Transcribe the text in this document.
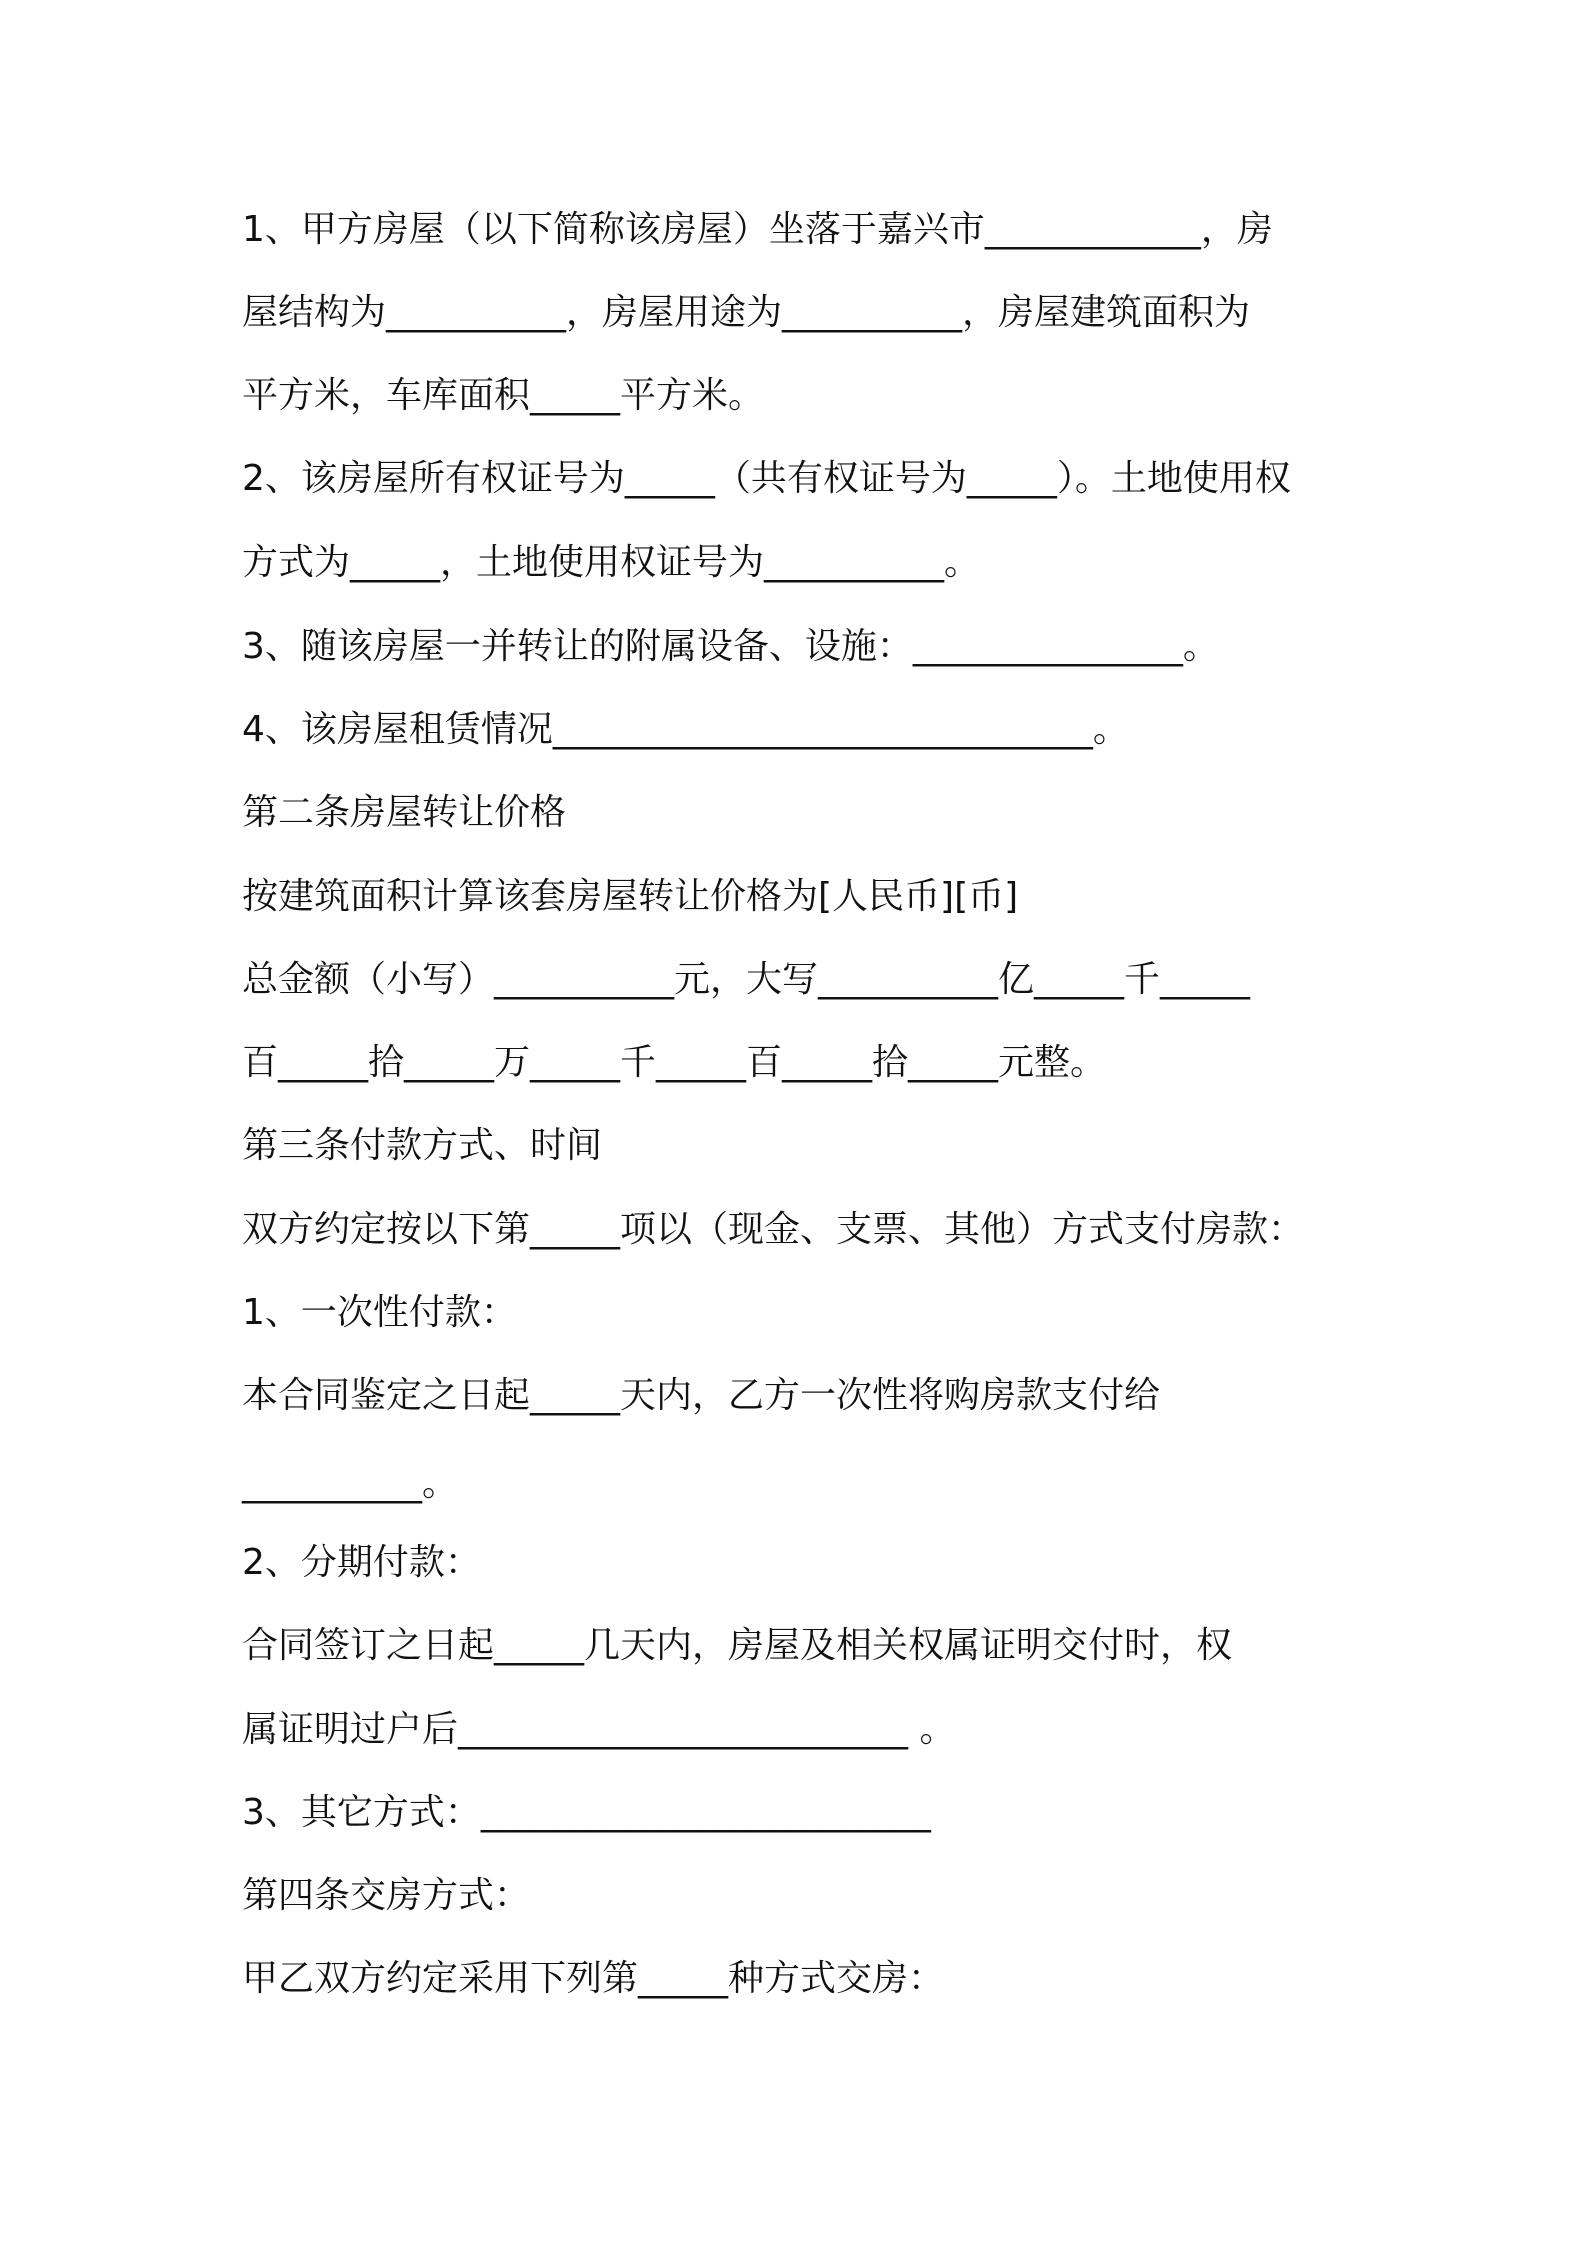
1、甲方房屋（以下简称该房屋）坐落于嘉兴市____________，房
屋结构为__________，房屋用途为__________，房屋建筑面积为
平方米，车库面积_____平方米。
2、该房屋所有权证号为_____（共有权证号为_____）。土地使用权
方式为_____，土地使用权证号为__________。
3、随该房屋一并转让的附属设备、设施：_______________。
4、该房屋租赁情况______________________________。
第二条房屋转让价格
按建筑面积计算该套房屋转让价格为[人民币][币]
总金额（小写）__________元，大写__________亿_____千_____
百_____拾_____万_____千_____百_____拾_____元整。
第三条付款方式、时间
双方约定按以下第_____项以（现金、支票、其他）方式支付房款：
1、一次性付款：
本合同鉴定之日起_____天内，乙方一次性将购房款支付给
__________。
2、分期付款：
合同签订之日起_____几天内，房屋及相关权属证明交付时，权
属证明过户后_________________________ 。
3、其它方式：_________________________
第四条交房方式：
甲乙双方约定采用下列第_____种方式交房：
